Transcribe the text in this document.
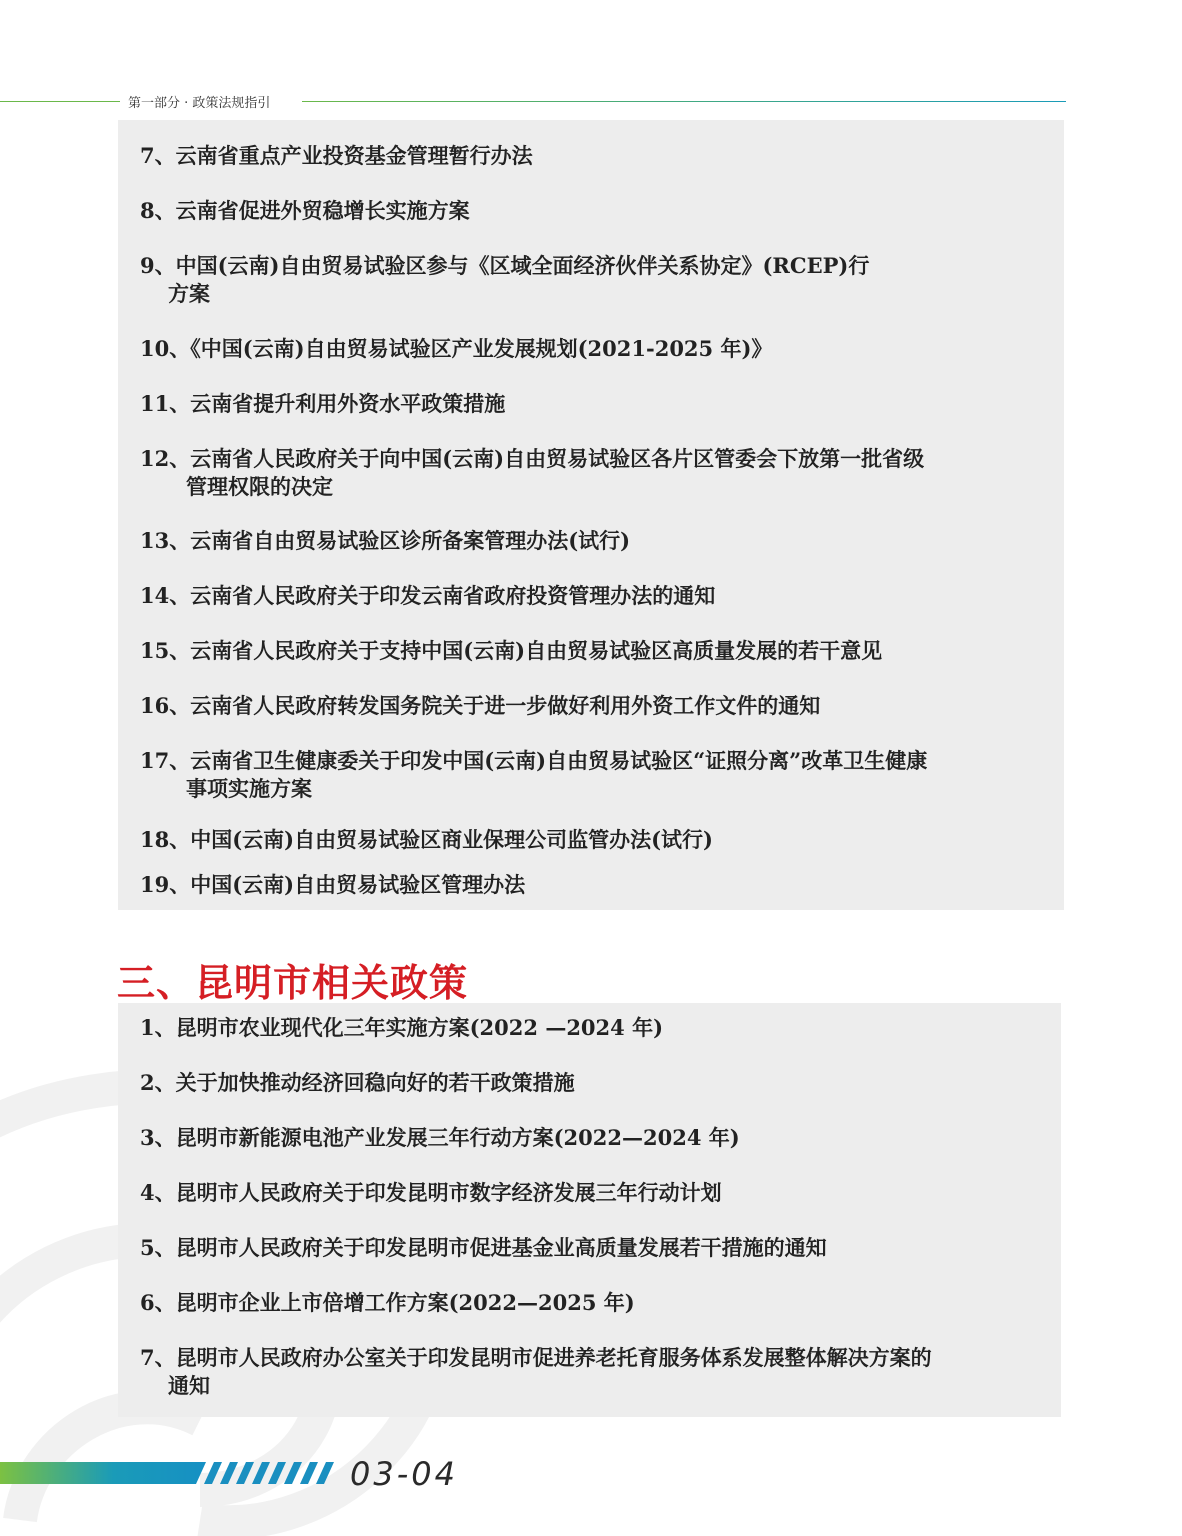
第一部分 · 政策法规指引
7、云南省重点产业投资基金管理暂行办法
8、云南省促进外贸稳增长实施方案
9、中国(云南)自由贸易试验区参与《区域全面经济伙伴关系协定》(RCEP)行
方案
10、《中国(云南)自由贸易试验区产业发展规划(2021-2025 年)》
11、云南省提升利用外资水平政策措施
12、云南省人民政府关于向中国(云南)自由贸易试验区各片区管委会下放第一批省级
管理权限的决定
13、云南省自由贸易试验区诊所备案管理办法(试行)
14、云南省人民政府关于印发云南省政府投资管理办法的通知
15、云南省人民政府关于支持中国(云南)自由贸易试验区高质量发展的若干意见
16、云南省人民政府转发国务院关于进一步做好利用外资工作文件的通知
17、云南省卫生健康委关于印发中国(云南)自由贸易试验区“证照分离”改革卫生健康
事项实施方案
18、中国(云南)自由贸易试验区商业保理公司监管办法(试行)
19、中国(云南)自由贸易试验区管理办法
三、昆明市相关政策
1、昆明市农业现代化三年实施方案(2022 —2024 年)
2、关于加快推动经济回稳向好的若干政策措施
3、昆明市新能源电池产业发展三年行动方案(2022—2024 年)
4、昆明市人民政府关于印发昆明市数字经济发展三年行动计划
5、昆明市人民政府关于印发昆明市促进基金业高质量发展若干措施的通知
6、昆明市企业上市倍增工作方案(2022—2025 年)
7、昆明市人民政府办公室关于印发昆明市促进养老托育服务体系发展整体解决方案的
通知
03-04
